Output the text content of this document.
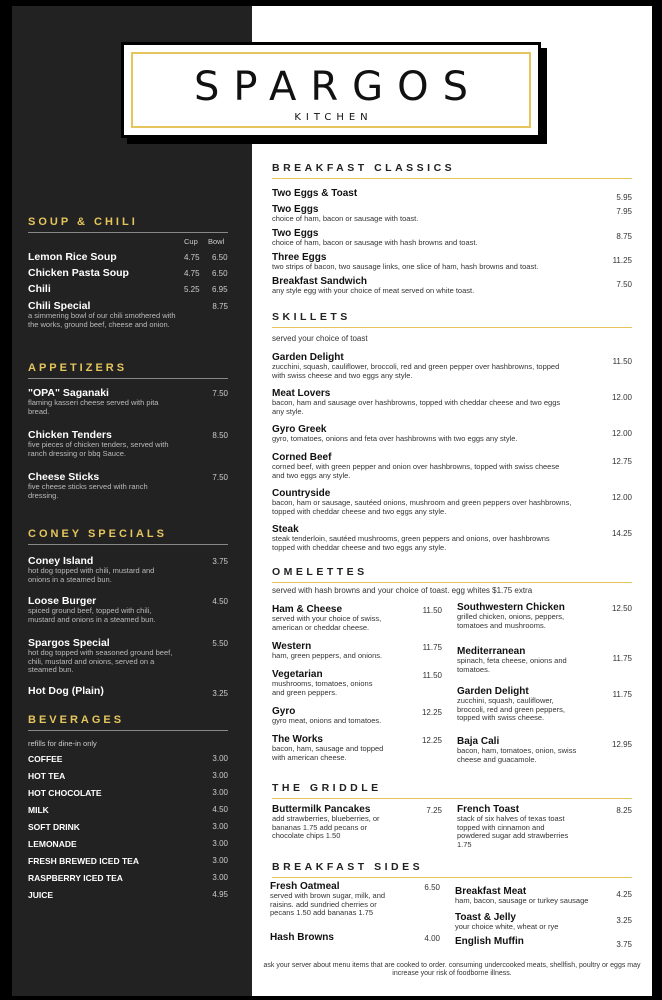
SOUP & CHILI
Cup Bowl
Lemon Rice Soup	4.75 6.50
Chicken Pasta Soup	4.75 6.50
Chili	5.25 6.95
Chili Special
a simmering bowl of our chili smothered with the works, ground beef, cheese and onion.
8.75
APPETIZERS
"OPA" Saganaki
flaming kasseri cheese served with pita bread.
7.50
Chicken Tenders
five pieces of chicken tenders, served with ranch dressing or bbq Sauce.
8.50
Cheese Sticks
five cheese sticks served with ranch dressing.
7.50
CONEY SPECIALS
Coney Island
hot dog topped with chili, mustard and onions in a steamed bun.
3.75
Loose Burger
spiced ground beef, topped with chili, mustard and onions in a steamed bun.
4.50
Spargos Special
hot dog topped with seasoned ground beef, chili, mustard and onions, served on a steamed bun.
5.50
Hot Dog (Plain)	3.25
BEVERAGES
refills for dine-in only
COFFEE	3.00
HOT TEA	3.00
HOT CHOCOLATE	3.00
MILK	4.50
SOFT DRINK	3.00
LEMONADE	3.00
FRESH BREWED ICED TEA	3.00
RASPBERRY ICED TEA	3.00
JUICE	4.95
BREAKFAST CLASSICS
Two Eggs & Toast	5.95
Two Eggs
choice of ham, bacon or sausage with toast.
7.95
Two Eggs
choice of ham, bacon or sausage with hash browns and toast.
8.75
Three Eggs
two strips of bacon, two sausage links, one slice of ham, hash browns and toast.
11.25
Breakfast Sandwich
any style egg with your choice of meat served on white toast.
7.50
SKILLETS
served your choice of toast
Garden Delight
zucchini, squash, cauliflower, broccoli, red and green pepper over hashbrowns, topped with swiss cheese and two eggs any style.
11.50
Meat Lovers
bacon, ham and sausage over hashbrowns, topped with cheddar cheese and two eggs any style.
12.00
Gyro Greek
gyro, tomatoes, onions and feta over hashbrowns with two eggs any style.
12.00
Corned Beef
corned beef, with green pepper and onion over hashbrowns, topped with swiss cheese and two eggs any style.
12.75
Countryside
bacon, ham or sausage, sautéed onions, mushroom and green peppers over hashbrowns, topped with cheddar cheese and two eggs any style.
12.00
Steak
steak tenderloin, sautéed mushrooms, green peppers and onions, over hashbrowns topped with cheddar cheese and two eggs any style.
14.25
OMELETTES
served with hash browns and your choice of toast. egg whites $1.75 extra
Ham & Cheese
served with your choice of swiss, american or cheddar cheese.
11.50
Western
ham, green peppers, and onions.
11.75
Vegetarian
mushrooms, tomatoes, onions and green peppers.
11.50
Gyro
gyro meat, onions and tomatoes.
12.25
The Works
bacon, ham, sausage and topped with american cheese.
12.25
Southwestern Chicken
grilled chicken, onions, peppers, tomatoes and mushrooms.
12.50
Mediterranean
spinach, feta cheese, onions and tomatoes.
11.75
Garden Delight
zucchini, squash, cauliflower, broccoli, red and green peppers, topped with swiss cheese.
11.75
Baja Cali
bacon, ham, tomatoes, onion, swiss cheese and guacamole.
12.95
THE GRIDDLE
Buttermilk Pancakes
add strawberries, blueberries, or bananas 1.75 add pecans or chocolate chips 1.50
7.25 French Toast
stack of six halves of texas toast topped with cinnamon and powdered sugar add strawberries 1.75
8.25
BREAKFAST SIDES
Fresh Oatmeal
served with brown sugar, milk, and raisins. add sundried cherries or pecans 1.50 add bananas 1.75
6.50
Hash Browns	4.00
Breakfast Meat
ham, bacon, sausage or turkey sausage
4.25
Toast & Jelly
your choice white, wheat or rye
3.25
English Muffin	3.75
ask your server about menu items that are cooked to order. consuming undercooked meats, shellfish, poultry or eggs may increase your risk of foodborne illness.
SPARGOS
KITCHEN
